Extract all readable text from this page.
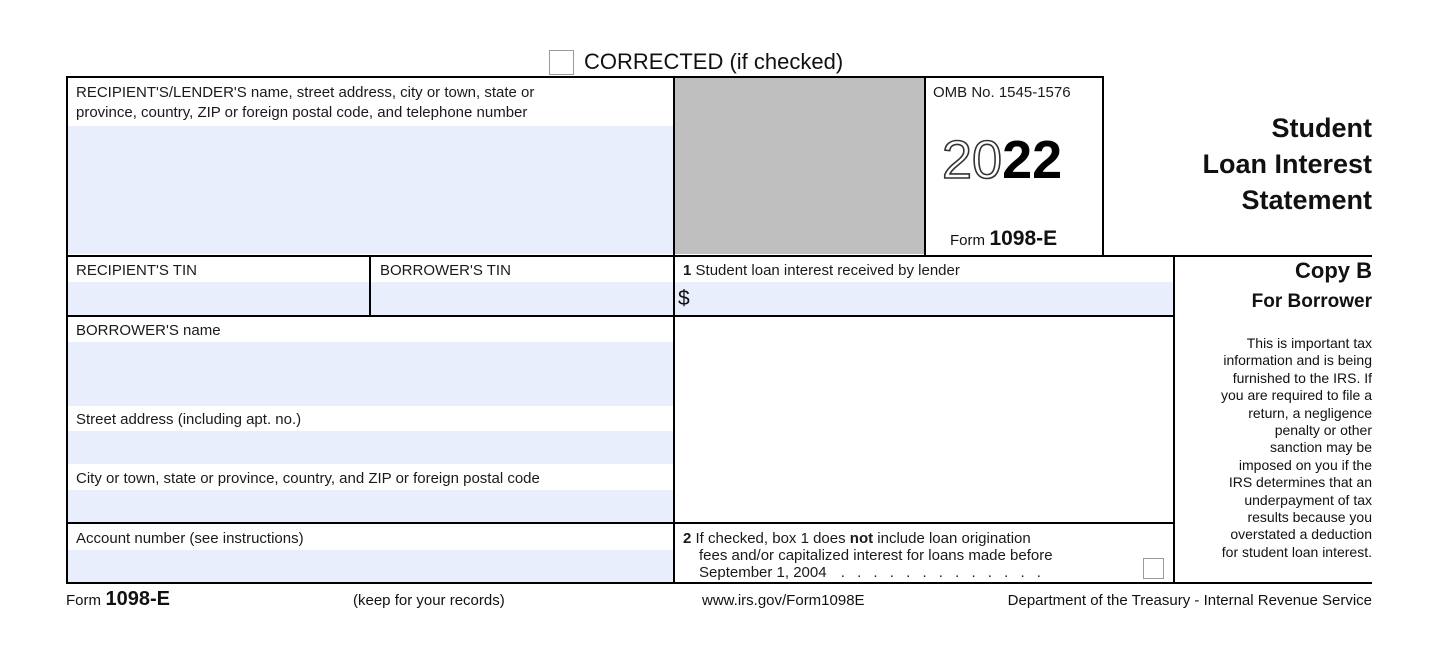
CORRECTED (if checked)
RECIPIENT'S/LENDER'S name, street address, city or town, state or
province, country, ZIP or foreign postal code, and telephone number
OMB No. 1545-1576
2022
Form 1098-E
Student
Loan Interest
Statement
RECIPIENT'S TIN	BORROWER'S TIN	1 Student loan interest received by lender
$
Copy B
For Borrower
This is important tax
information and is being
furnished to the IRS. If
you are required to file a
return, a negligence
penalty or other
sanction may be
imposed on you if the
IRS determines that an
underpayment of tax
results because you
overstated a deduction
for student loan interest.
BORROWER'S name
Street address (including apt. no.)
City or town, state or province, country, and ZIP or foreign postal code
Account number (see instructions)	2 If checked, box 1 does not include loan origination
fees and/or capitalized interest for loans made before
September 1, 2004 . . . . . . . . . . . . .
Form 1098-E	(keep for your records)	www.irs.gov/Form1098E	Department of the Treasury - Internal Revenue Service
